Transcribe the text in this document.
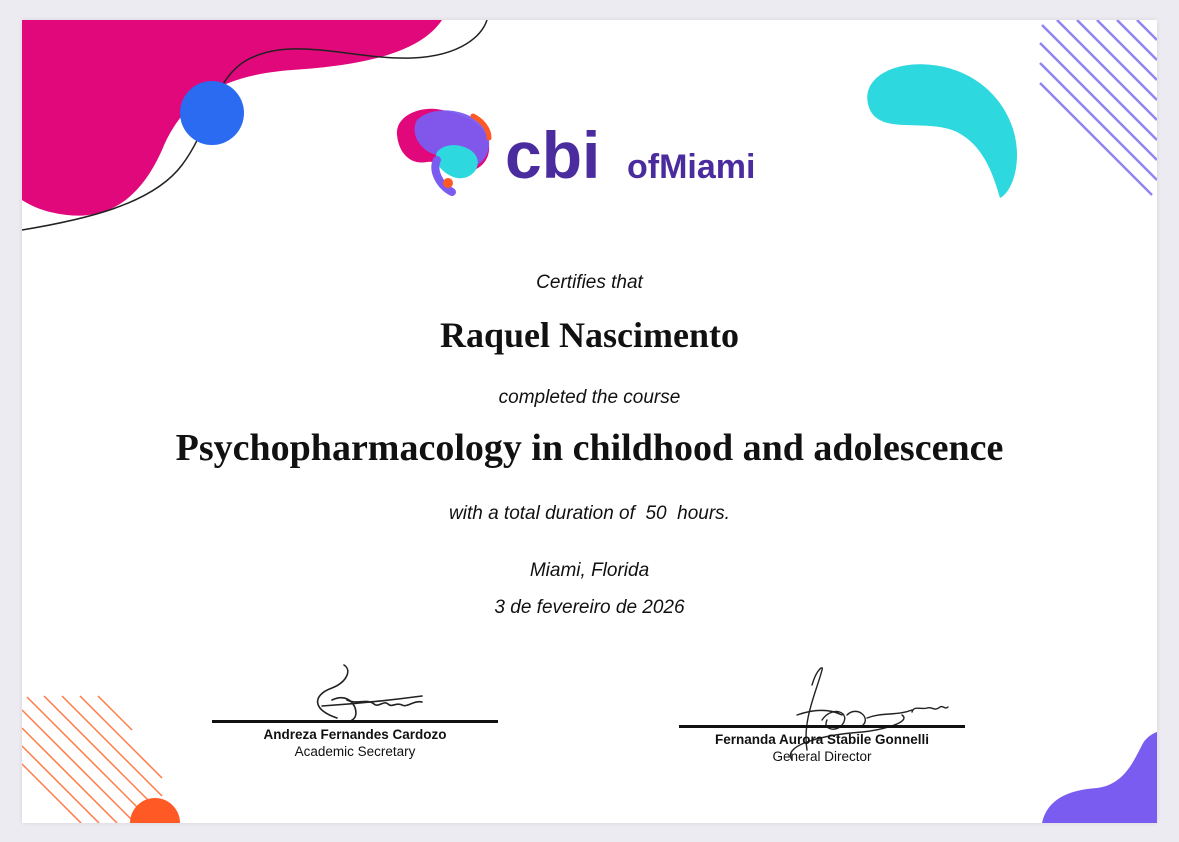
cbi ofMiami
Certifies that
Raquel Nascimento
completed the course
Psychopharmacology in childhood and adolescence
with a total duration of  50  hours.
Miami, Florida
3 de fevereiro de 2026
Andreza Fernandes Cardozo
Academic Secretary
Fernanda Aurora Stabile Gonnelli
General Director
